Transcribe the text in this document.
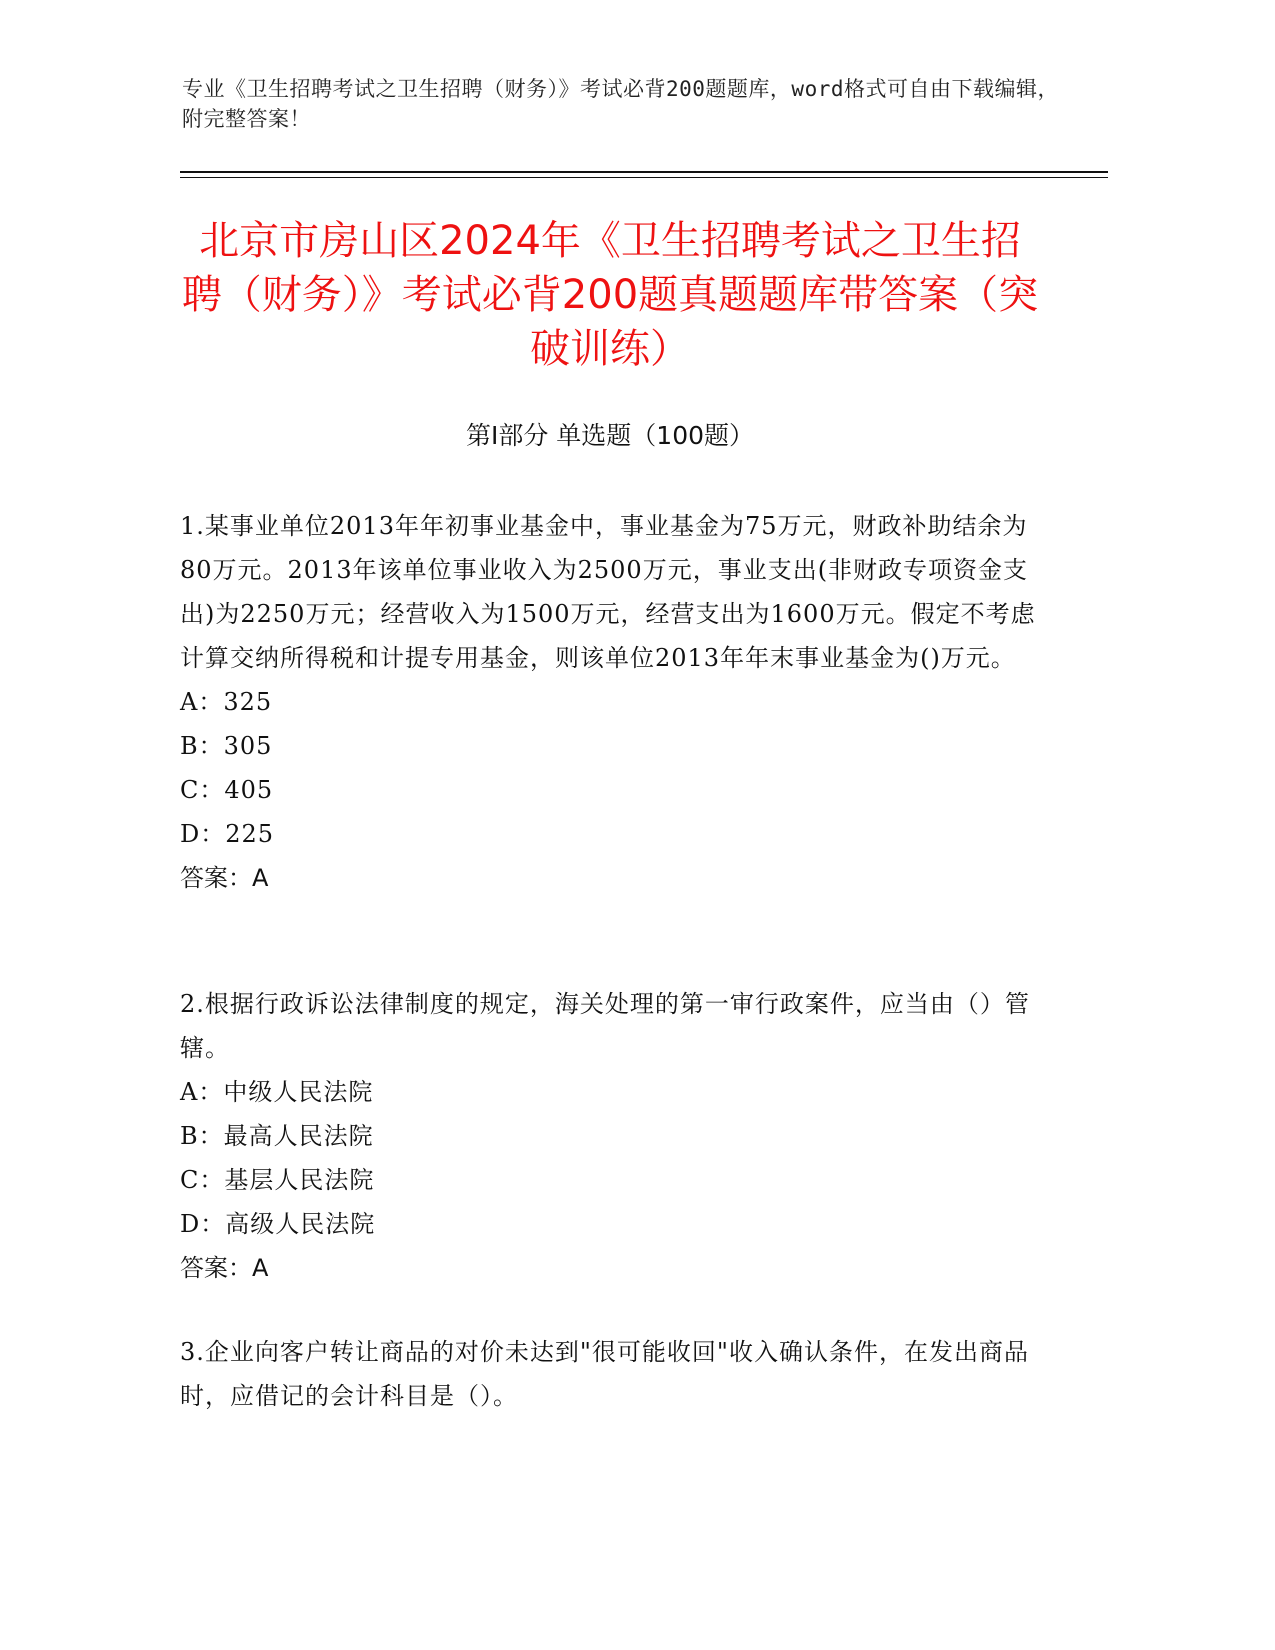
专业《卫生招聘考试之卫生招聘（财务）》考试必背200题题库，word格式可自由下载编辑，附完整答案！
北京市房山区2024年《卫生招聘考试之卫生招聘（财务）》考试必背200题真题题库带答案（突破训练）
第Ⅰ部分 单选题（100题）

1.某事业单位2013年年初事业基金中，事业基金为75万元，财政补助结余为80万元。2013年该单位事业收入为2500万元，事业支出(非财政专项资金支出)为2250万元；经营收入为1500万元，经营支出为1600万元。假定不考虑计算交纳所得税和计提专用基金，则该单位2013年年末事业基金为()万元。

A：325

B：305

C：405

D：225

答案：A

2.根据行政诉讼法律制度的规定，海关处理的第一审行政案件，应当由（）管辖。

A：中级人民法院

B：最高人民法院

C：基层人民法院

D：高级人民法院

答案：A

3.企业向客户转让商品的对价未达到"很可能收回"收入确认条件，在发出商品时，应借记的会计科目是（）。
